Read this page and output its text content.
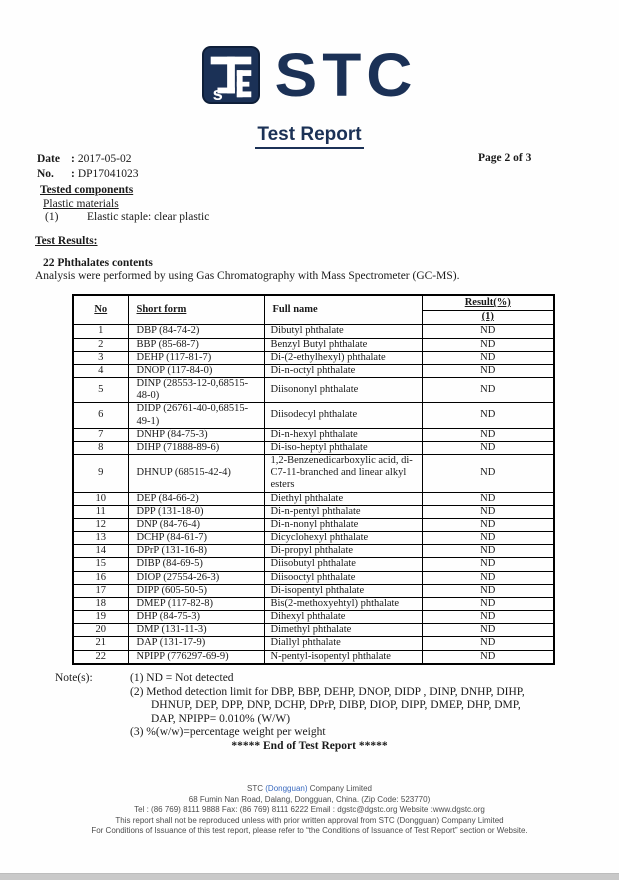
s STC
Test Report
Date : 2017-05-02
No. : DP17041023
Page 2 of 3
Tested components
Plastic materials
(1) Elastic staple: clear plastic
Test Results:
22 Phthalates contents
Analysis were performed by using Gas Chromatography with Mass Spectrometer (GC-MS).
No	Short form	Full name	Result(%)
(1)

1	DBP (84-74-2)	Dibutyl phthalate	ND
2	BBP (85-68-7)	Benzyl Butyl phthalate	ND
3	DEHP (117-81-7)	Di-(2-ethylhexyl) phthalate	ND
4	DNOP (117-84-0)	Di-n-octyl phthalate	ND
5	DINP (28553-12-0,68515-48-0)	Diisononyl phthalate	ND
6	DIDP (26761-40-0,68515-49-1)	Diisodecyl phthalate	ND
7	DNHP (84-75-3)	Di-n-hexyl phthalate	ND
8	DIHP (71888-89-6)	Di-iso-heptyl phthalate	ND
9	DHNUP (68515-42-4)	1,2-Benzenedicarboxylic acid, di-C7-11-branched and linear alkyl esters	ND
10	DEP (84-66-2)	Diethyl phthalate	ND
11	DPP (131-18-0)	Di-n-pentyl phthalate	ND
12	DNP (84-76-4)	Di-n-nonyl phthalate	ND
13	DCHP (84-61-7)	Dicyclohexyl phthalate	ND
14	DPrP (131-16-8)	Di-propyl phthalate	ND
15	DIBP (84-69-5)	Diisobutyl phthalate	ND
16	DIOP (27554-26-3)	Diisooctyl phthalate	ND
17	DIPP (605-50-5)	Di-isopentyl phthalate	ND
18	DMEP (117-82-8)	Bis(2-methoxyehtyl) phthalate	ND
19	DHP (84-75-3)	Dihexyl phthalate	ND
20	DMP (131-11-3)	Dimethyl phthalate	ND
21	DAP (131-17-9)	Diallyl phthalate	ND
22	NPIPP (776297-69-9)	N-pentyl-isopentyl phthalate	ND
Note(s):	(1) ND = Not detected
(2) Method detection limit for DBP, BBP, DEHP, DNOP, DIDP , DINP, DNHP, DIHP, DHNUP, DEP, DPP, DNP, DCHP, DPrP, DIBP, DIOP, DIPP, DMEP, DHP, DMP, DAP, NPIPP= 0.010% (W/W)
(3) %(w/w)=percentage weight per weight
***** End of Test Report *****
STC (Dongguan) Company Limited
68 Fumin Nan Road, Dalang, Dongguan, China. (Zip Code: 523770)
Tel : (86 769) 8111 9888 Fax: (86 769) 8111 6222 Email : dgstc@dgstc.org Website :www.dgstc.org
This report shall not be reproduced unless with prior written approval from STC (Dongguan) Company Limited
For Conditions of Issuance of this test report, please refer to “the Conditions of Issuance of Test Report” section or Website.
